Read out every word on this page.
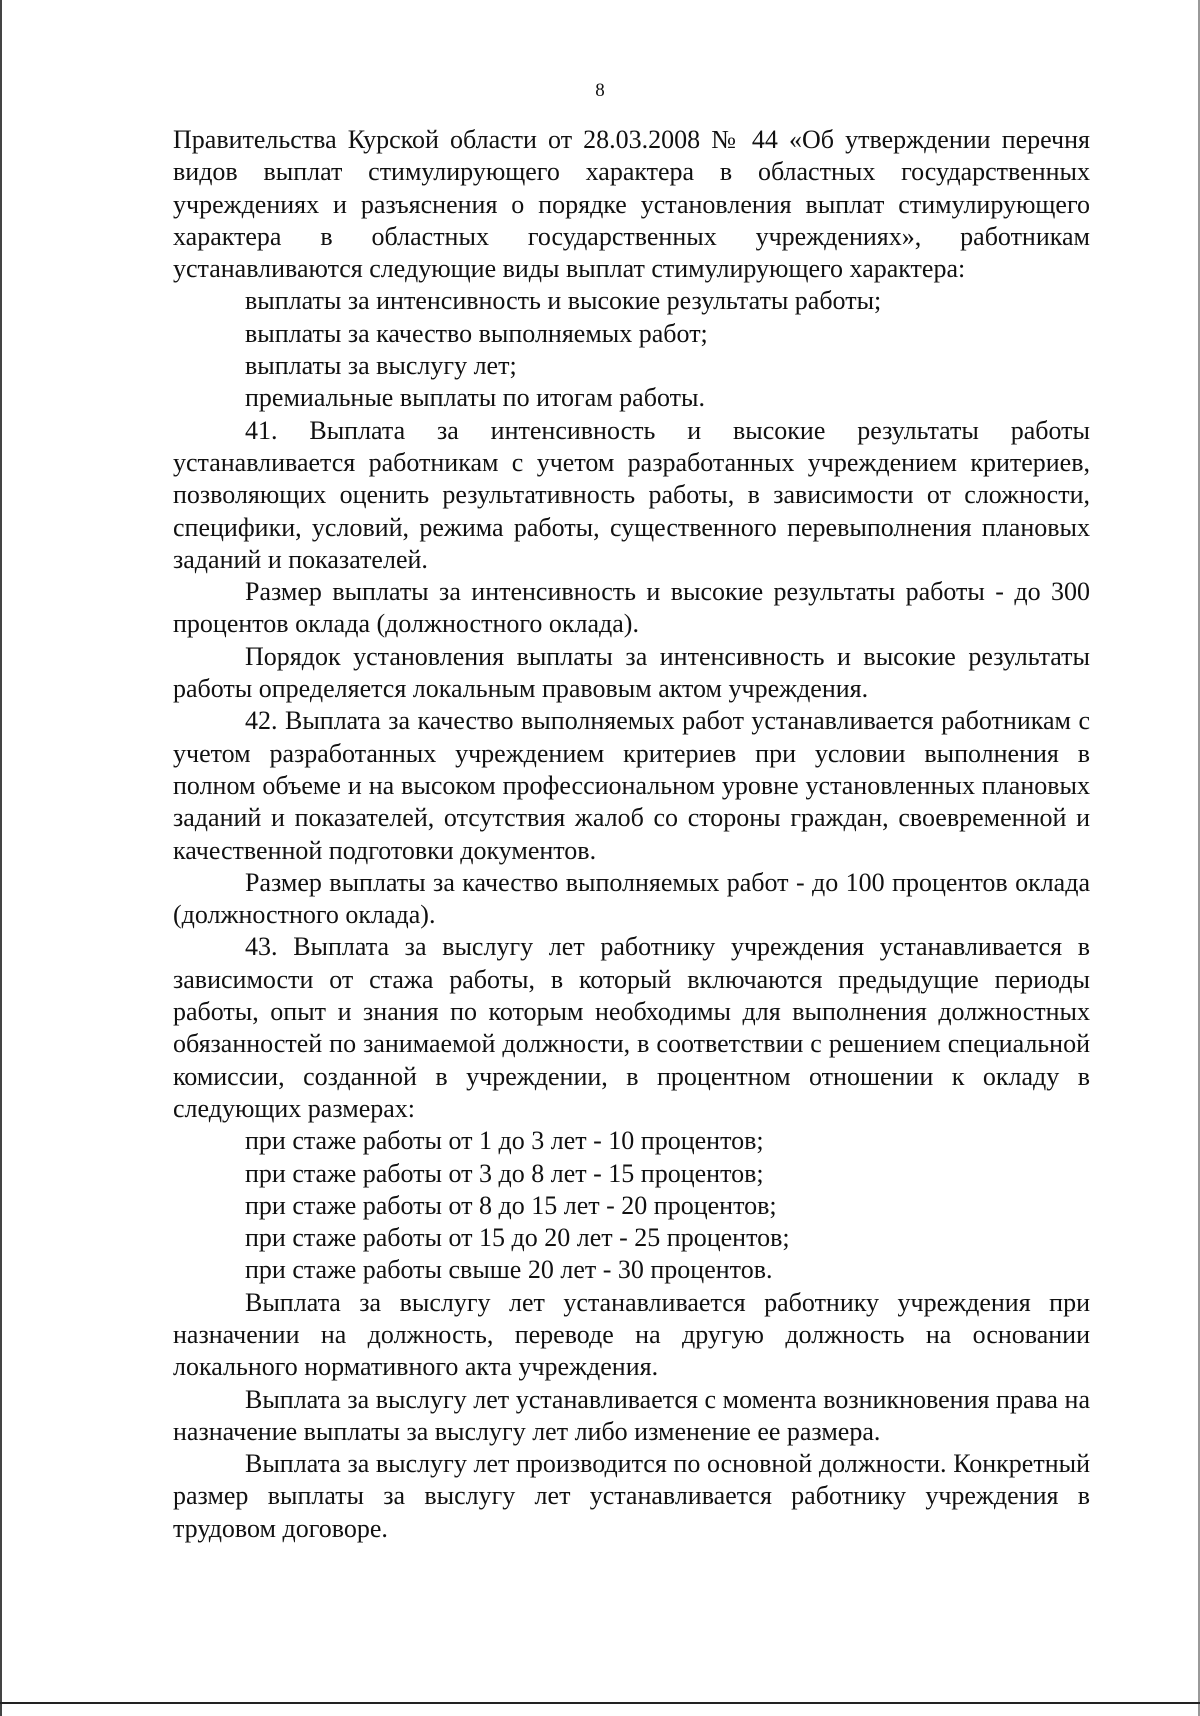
8

Правительства Курской области от 28.03.2008 № 44 «Об утверждении перечня видов выплат стимулирующего характера в областных государственных учреждениях и разъяснения о порядке установления выплат стимулирующего характера в областных государственных учреждениях», работникам устанавливаются следующие виды выплат стимулирующего характера:

выплаты за интенсивность и высокие результаты работы;

выплаты за качество выполняемых работ;

выплаты за выслугу лет;

премиальные выплаты по итогам работы.

41. Выплата за интенсивность и высокие результаты работы устанавливается работникам с учетом разработанных учреждением критериев, позволяющих оценить результативность работы, в зависимости от сложности, специфики, условий, режима работы, существенного перевыполнения плановых заданий и показателей.

Размер выплаты за интенсивность и высокие результаты работы - до 300 процентов оклада (должностного оклада).

Порядок установления выплаты за интенсивность и высокие результаты работы определяется локальным правовым актом учреждения.

42. Выплата за качество выполняемых работ устанавливается работникам с учетом разработанных учреждением критериев при условии выполнения в полном объеме и на высоком профессиональном уровне установленных плановых заданий и показателей, отсутствия жалоб со стороны граждан, своевременной и качественной подготовки документов.

Размер выплаты за качество выполняемых работ - до 100 процентов оклада (должностного оклада).

43. Выплата за выслугу лет работнику учреждения устанавливается в зависимости от стажа работы, в который включаются предыдущие периоды работы, опыт и знания по которым необходимы для выполнения должностных обязанностей по занимаемой должности, в соответствии с решением специальной комиссии, созданной в учреждении, в процентном отношении к окладу в следующих размерах:

при стаже работы от 1 до 3 лет - 10 процентов;

при стаже работы от 3 до 8 лет - 15 процентов;

при стаже работы от 8 до 15 лет - 20 процентов;

при стаже работы от 15 до 20 лет - 25 процентов;

при стаже работы свыше 20 лет - 30 процентов.

Выплата за выслугу лет устанавливается работнику учреждения при назначении на должность, переводе на другую должность на основании локального нормативного акта учреждения.

Выплата за выслугу лет устанавливается с момента возникновения права на назначение выплаты за выслугу лет либо изменение ее размера.

Выплата за выслугу лет производится по основной должности. Конкретный размер выплаты за выслугу лет устанавливается работнику учреждения в трудовом договоре.
